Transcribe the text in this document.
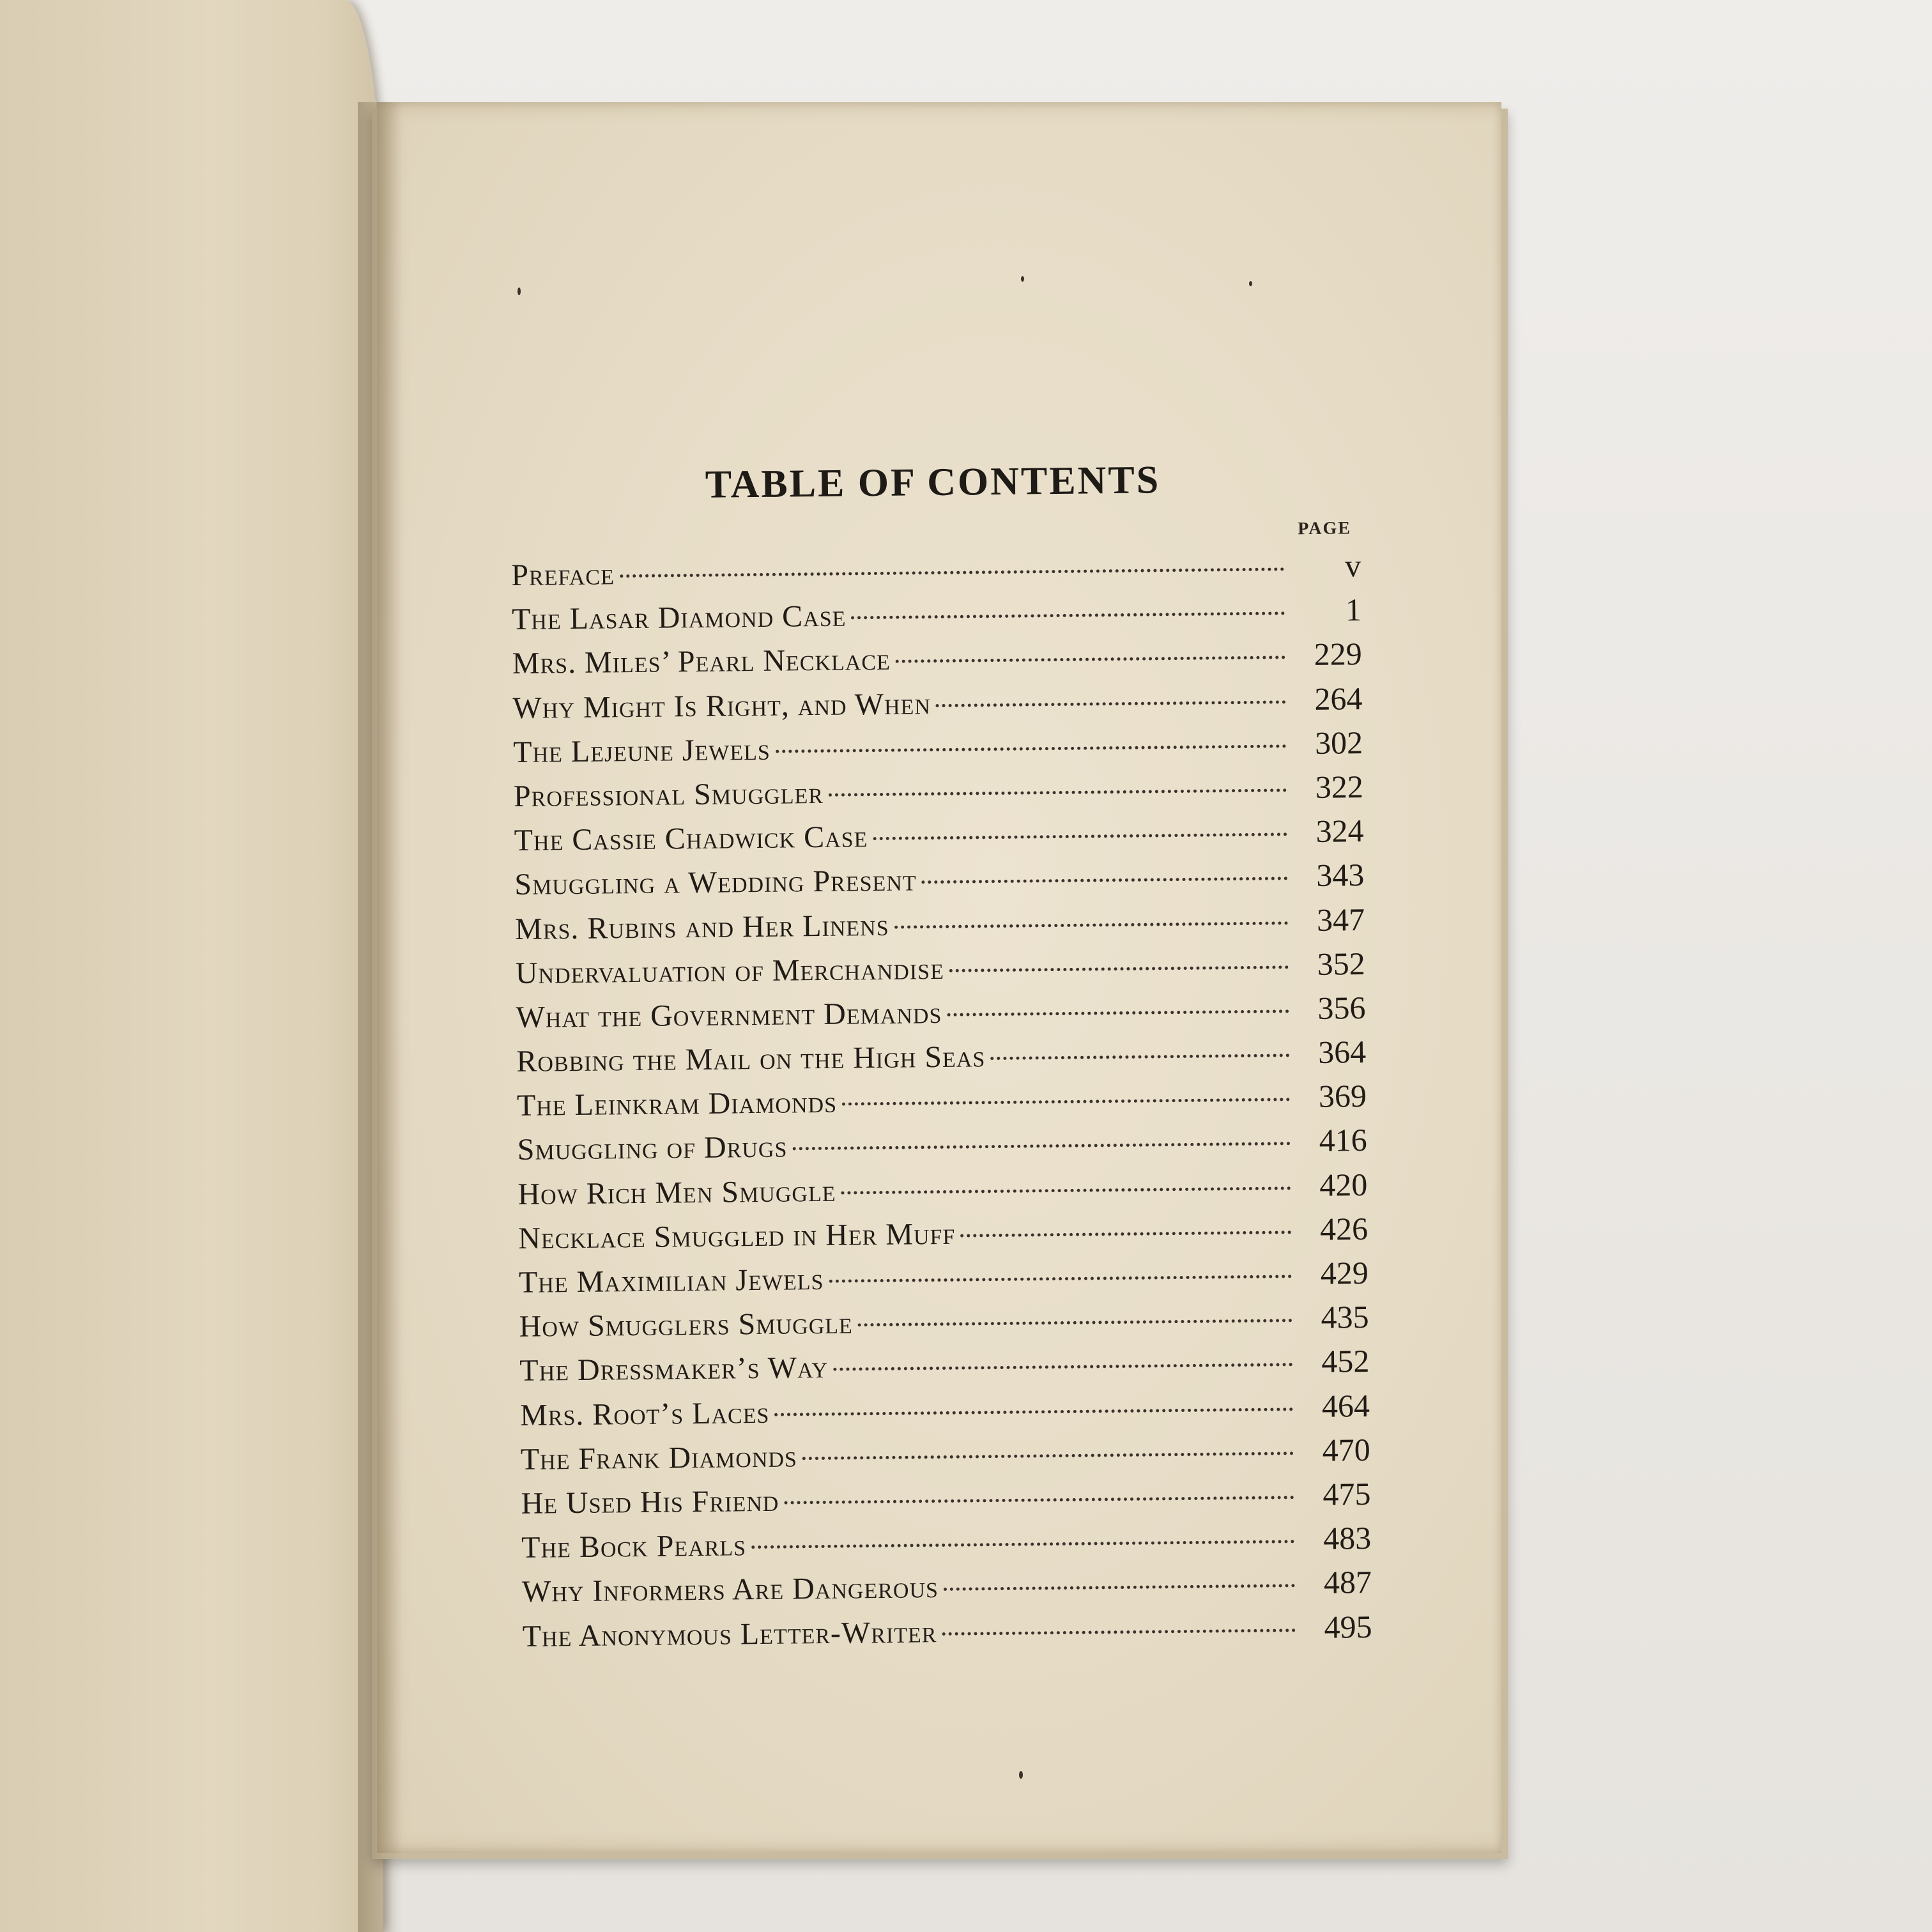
TABLE OF CONTENTS
PAGE
Preface	v
The Lasar Diamond Case	1
Mrs. Miles’ Pearl Necklace	229
Why Might Is Right, and When	264
The Lejeune Jewels	302
Professional Smuggler	322
The Cassie Chadwick Case	324
Smuggling a Wedding Present	343
Mrs. Rubins and Her Linens	347
Undervaluation of Merchandise	352
What the Government Demands	356
Robbing the Mail on the High Seas	364
The Leinkram Diamonds	369
Smuggling of Drugs	416
How Rich Men Smuggle	420
Necklace Smuggled in Her Muff	426
The Maximilian Jewels	429
How Smugglers Smuggle	435
The Dressmaker’s Way	452
Mrs. Root’s Laces	464
The Frank Diamonds	470
He Used His Friend	475
The Bock Pearls	483
Why Informers Are Dangerous	487
The Anonymous Letter-Writer	495
